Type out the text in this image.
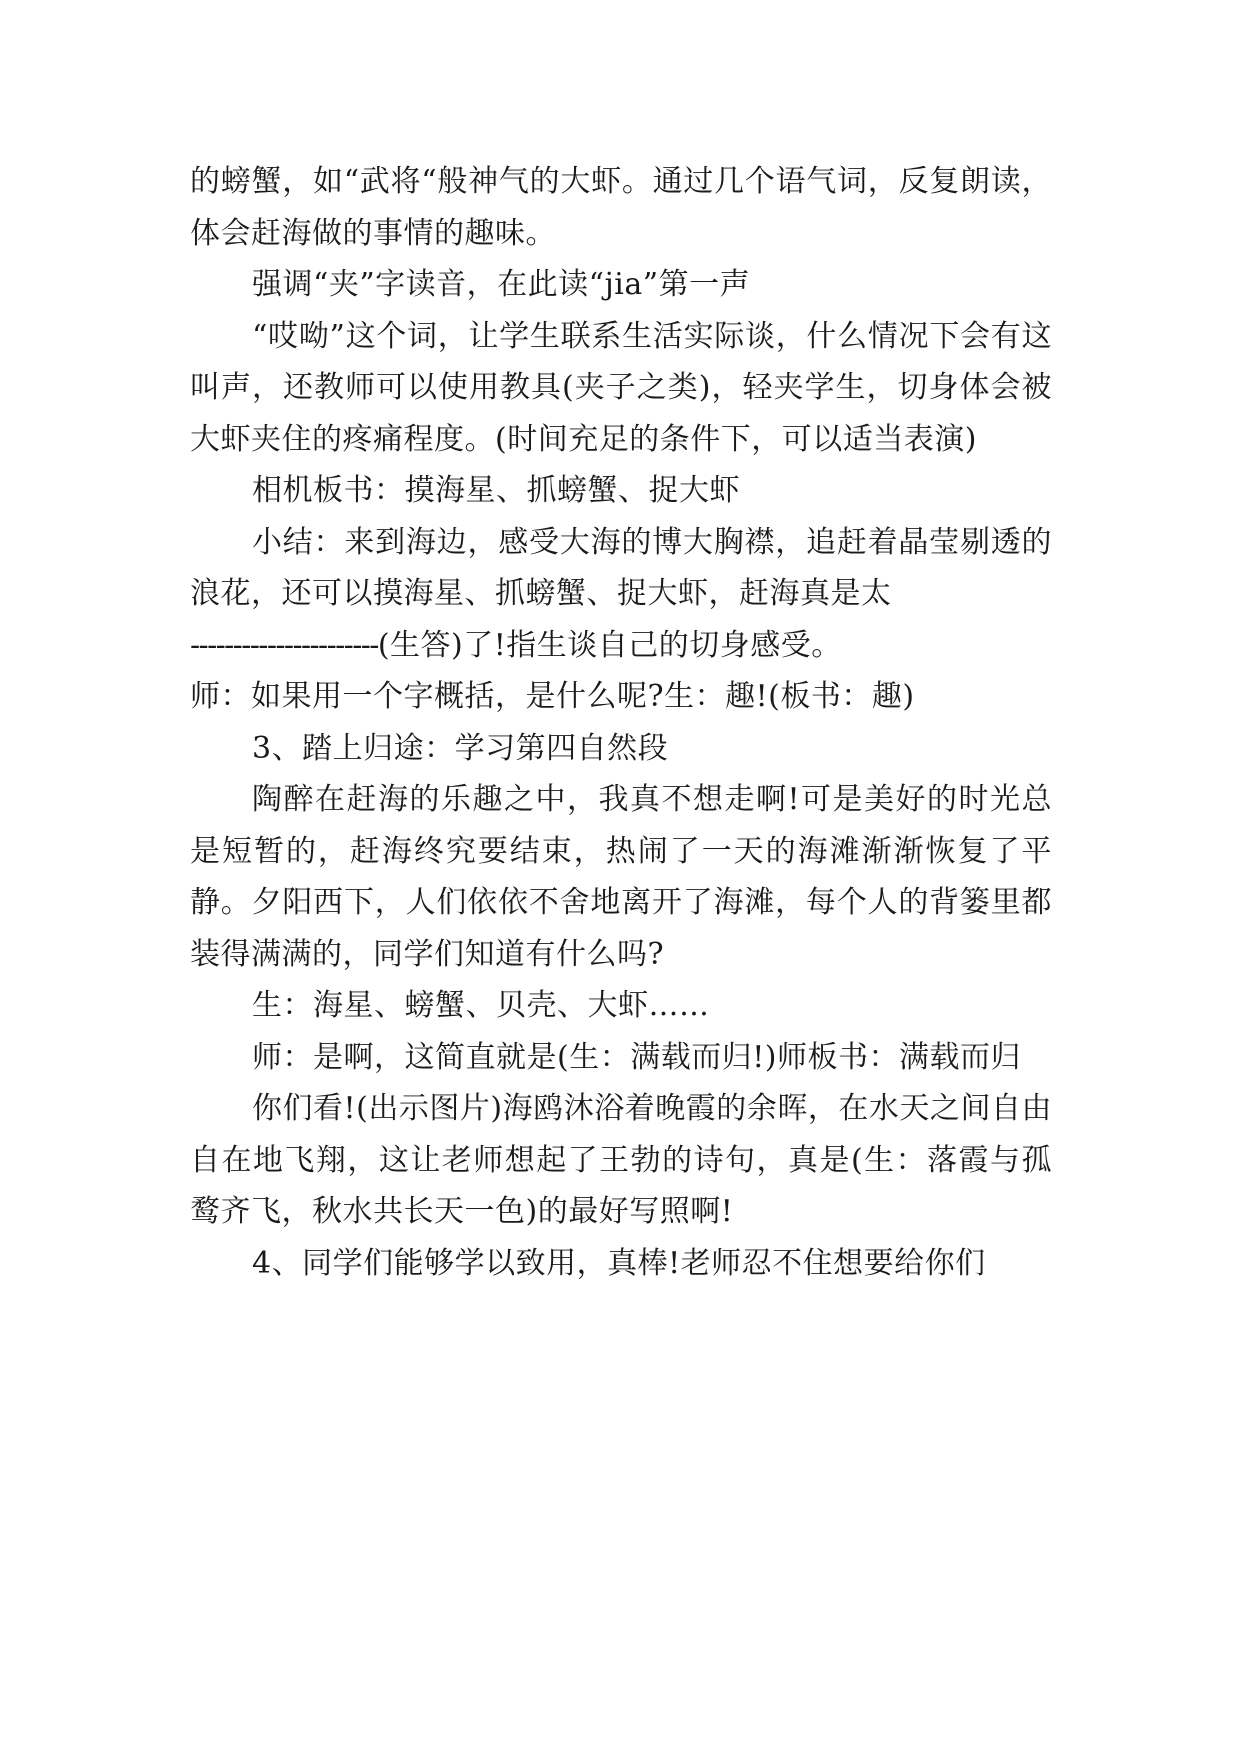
的螃蟹，如“武将“般神气的大虾。通过几个语气词，反复朗读，体会赶海做的事情的趣味。

强调“夹”字读音，在此读“jia”第一声

“哎呦”这个词，让学生联系生活实际谈，什么情况下会有这叫声，还教师可以使用教具(夹子之类)，轻夹学生，切身体会被大虾夹住的疼痛程度。(时间充足的条件下，可以适当表演)

相机板书：摸海星、抓螃蟹、捉大虾

小结：来到海边，感受大海的博大胸襟，追赶着晶莹剔透的浪花，还可以摸海星、抓螃蟹、捉大虾，赶海真是太

----------------------(生答)了!指生谈自己的切身感受。

师：如果用一个字概括，是什么呢?生：趣!(板书：趣)

3、踏上归途：学习第四自然段

陶醉在赶海的乐趣之中，我真不想走啊!可是美好的时光总是短暂的，赶海终究要结束，热闹了一天的海滩渐渐恢复了平静。夕阳西下，人们依依不舍地离开了海滩，每个人的背篓里都装得满满的，同学们知道有什么吗?

生：海星、螃蟹、贝壳、大虾……

师：是啊，这简直就是(生：满载而归!)师板书：满载而归

你们看!(出示图片)海鸥沐浴着晚霞的余晖，在水天之间自由自在地飞翔，这让老师想起了王勃的诗句，真是(生：落霞与孤鹜齐飞，秋水共长天一色)的最好写照啊!

4、同学们能够学以致用，真棒!老师忍不住想要给你们
